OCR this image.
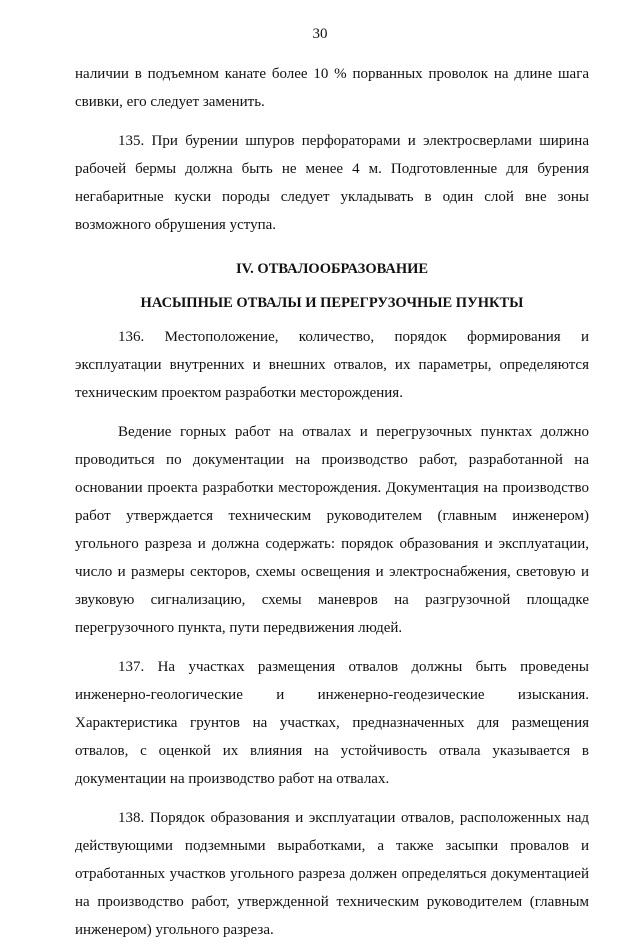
30

наличии в подъемном канате более 10 % порванных проволок на длине шага свивки, его следует заменить.

135. При бурении шпуров перфораторами и электросверлами ширина рабочей бермы должна быть не менее 4 м. Подготовленные для бурения негабаритные куски породы следует укладывать в один слой вне зоны возможного обрушения уступа.

IV. ОТВАЛООБРАЗОВАНИЕ
НАСЫПНЫЕ ОТВАЛЫ И ПЕРЕГРУЗОЧНЫЕ ПУНКТЫ

136. Местоположение, количество, порядок формирования и эксплуатации внутренних и внешних отвалов, их параметры, определяются техническим проектом разработки месторождения.

Ведение горных работ на отвалах и перегрузочных пунктах должно проводиться по документации на производство работ, разработанной на основании проекта разработки месторождения. Документация на производство работ утверждается техническим руководителем (главным инженером) угольного разреза и должна содержать: порядок образования и эксплуатации, число и размеры секторов, схемы освещения и электроснабжения, световую и звуковую сигнализацию, схемы маневров на разгрузочной площадке перегрузочного пункта, пути передвижения людей.

137. На участках размещения отвалов должны быть проведены инженерно-геологические и инженерно-геодезические изыскания. Характеристика грунтов на участках, предназначенных для размещения отвалов, с оценкой их влияния на устойчивость отвала указывается в документации на производство работ на отвалах.

138. Порядок образования и эксплуатации отвалов, расположенных над действующими подземными выработками, а также засыпки провалов и отработанных участков угольного разреза должен определяться документацией на производство работ, утвержденной техническим руководителем (главным инженером) угольного разреза.
